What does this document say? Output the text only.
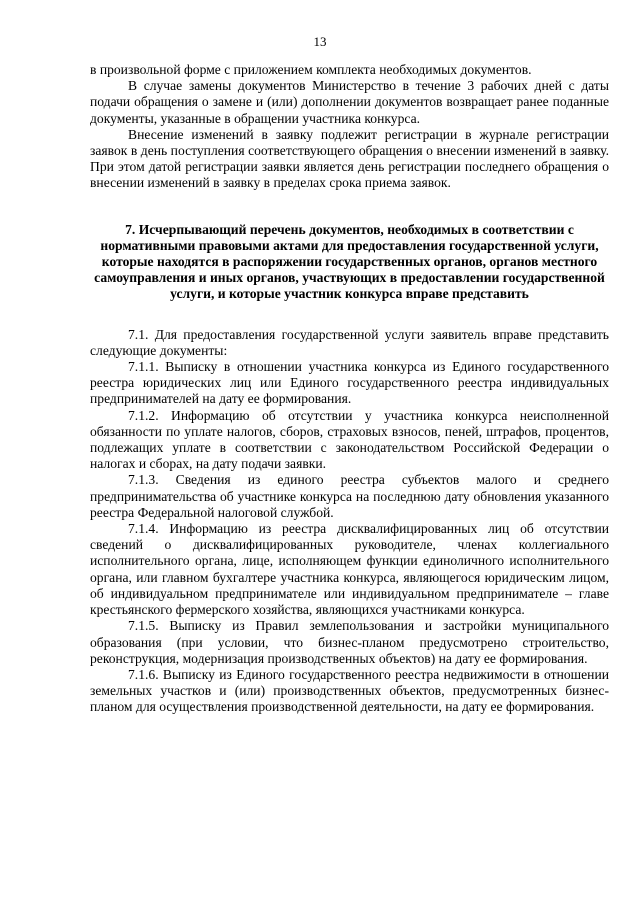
13

в произвольной форме с приложением комплекта необходимых документов.

В случае замены документов Министерство в течение 3 рабочих дней с даты подачи обращения о замене и (или) дополнении документов возвращает ранее поданные документы, указанные в обращении участника конкурса.

Внесение изменений в заявку подлежит регистрации в журнале регистрации заявок в день поступления соответствующего обращения о внесении изменений в заявку. При этом датой регистрации заявки является день регистрации последнего обращения о внесении изменений в заявку в пределах срока приема заявок.

7. Исчерпывающий перечень документов, необходимых в соответствии с нормативными правовыми актами для предоставления государственной услуги, которые находятся в распоряжении государственных органов, органов местного самоуправления и иных органов, участвующих в предоставлении государственной услуги, и которые участник конкурса вправе представить

7.1. Для предоставления государственной услуги заявитель вправе представить следующие документы:

7.1.1. Выписку в отношении участника конкурса из Единого государственного реестра юридических лиц или Единого государственного реестра индивидуальных предпринимателей на дату ее формирования.

7.1.2. Информацию об отсутствии у участника конкурса неисполненной обязанности по уплате налогов, сборов, страховых взносов, пеней, штрафов, процентов, подлежащих уплате в соответствии с законодательством Российской Федерации о налогах и сборах, на дату подачи заявки.

7.1.3. Сведения из единого реестра субъектов малого и среднего предпринимательства об участнике конкурса на последнюю дату обновления указанного реестра Федеральной налоговой службой.

7.1.4. Информацию из реестра дисквалифицированных лиц об отсутствии сведений о дисквалифицированных руководителе, членах коллегиального исполнительного органа, лице, исполняющем функции единоличного исполнительного органа, или главном бухгалтере участника конкурса, являющегося юридическим лицом, об индивидуальном предпринимателе или индивидуальном предпринимателе – главе крестьянского фермерского хозяйства, являющихся участниками конкурса.

7.1.5. Выписку из Правил землепользования и застройки муниципального образования (при условии, что бизнес-планом предусмотрено строительство, реконструкция, модернизация производственных объектов) на дату ее формирования.

7.1.6. Выписку из Единого государственного реестра недвижимости в отношении земельных участков и (или) производственных объектов, предусмотренных бизнес-планом для осуществления производственной деятельности, на дату ее формирования.
